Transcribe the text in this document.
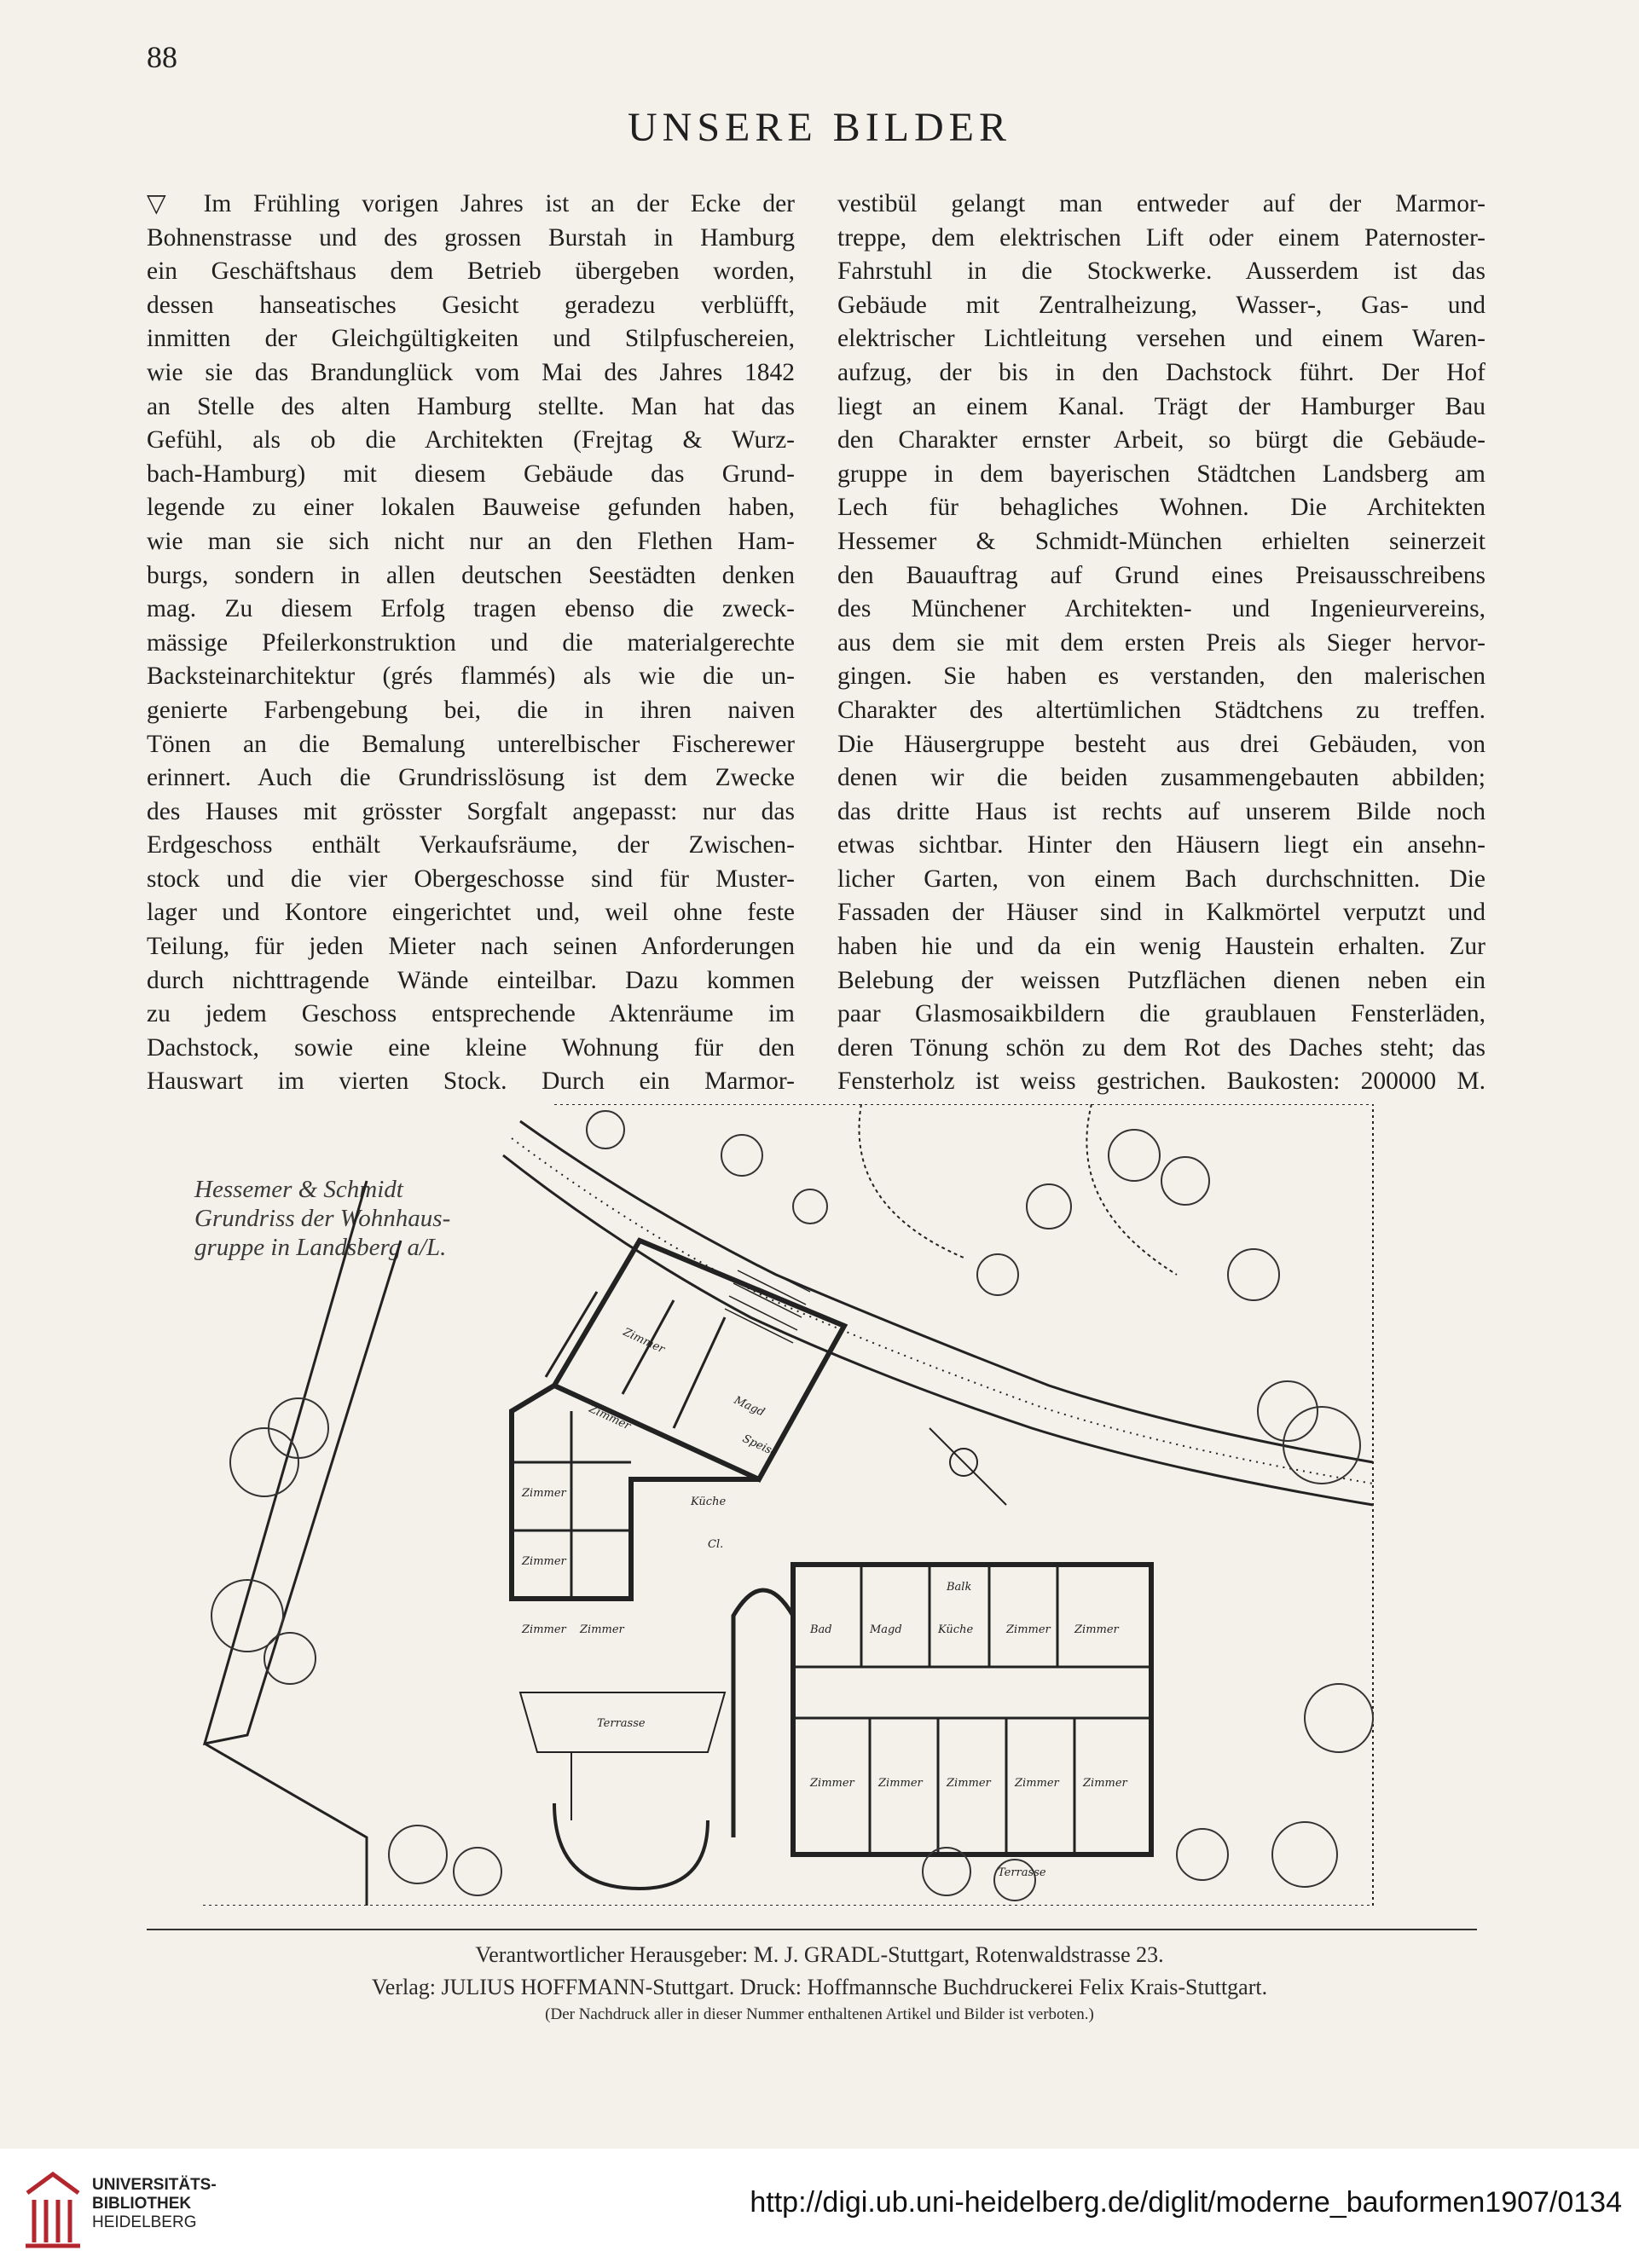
88
UNSERE BILDER
▽ Im Frühling vorigen Jahres ist an der Ecke der
Bohnenstrasse und des grossen Burstah in Hamburg
ein Geschäftshaus dem Betrieb übergeben worden,
dessen hanseatisches Gesicht geradezu verblüfft,
inmitten der Gleichgültigkeiten und Stilpfuschereien,
wie sie das Brandunglück vom Mai des Jahres 1842
an Stelle des alten Hamburg stellte. Man hat das
Gefühl, als ob die Architekten (Frejtag & Wurz-
bach-Hamburg) mit diesem Gebäude das Grund-
legende zu einer lokalen Bauweise gefunden haben,
wie man sie sich nicht nur an den Flethen Ham-
burgs, sondern in allen deutschen Seestädten denken
mag. Zu diesem Erfolg tragen ebenso die zweck-
mässige Pfeilerkonstruktion und die materialgerechte
Backsteinarchitektur (grés flammés) als wie die un-
genierte Farbengebung bei, die in ihren naiven
Tönen an die Bemalung unterelbischer Fischerewer
erinnert. Auch die Grundrisslösung ist dem Zwecke
des Hauses mit grösster Sorgfalt angepasst: nur das
Erdgeschoss enthält Verkaufsräume, der Zwischen-
stock und die vier Obergeschosse sind für Muster-
lager und Kontore eingerichtet und, weil ohne feste
Teilung, für jeden Mieter nach seinen Anforderungen
durch nichttragende Wände einteilbar. Dazu kommen
zu jedem Geschoss entsprechende Aktenräume im
Dachstock, sowie eine kleine Wohnung für den
Hauswart im vierten Stock. Durch ein Marmor-
vestibül gelangt man entweder auf der Marmor-
treppe, dem elektrischen Lift oder einem Paternoster-
Fahrstuhl in die Stockwerke. Ausserdem ist das
Gebäude mit Zentralheizung, Wasser-, Gas- und
elektrischer Lichtleitung versehen und einem Waren-
aufzug, der bis in den Dachstock führt. Der Hof
liegt an einem Kanal. Trägt der Hamburger Bau
den Charakter ernster Arbeit, so bürgt die Gebäude-
gruppe in dem bayerischen Städtchen Landsberg am
Lech für behagliches Wohnen. Die Architekten
Hessemer & Schmidt-München erhielten seinerzeit
den Bauauftrag auf Grund eines Preisausschreibens
des Münchener Architekten- und Ingenieurvereins,
aus dem sie mit dem ersten Preis als Sieger hervor-
gingen. Sie haben es verstanden, den malerischen
Charakter des altertümlichen Städtchens zu treffen.
Die Häusergruppe besteht aus drei Gebäuden, von
denen wir die beiden zusammengebauten abbilden;
das dritte Haus ist rechts auf unserem Bilde noch
etwas sichtbar. Hinter den Häusern liegt ein ansehn-
licher Garten, von einem Bach durchschnitten. Die
Fassaden der Häuser sind in Kalkmörtel verputzt und
haben hie und da ein wenig Haustein erhalten. Zur
Belebung der weissen Putzflächen dienen neben ein
paar Glasmosaikbildern die graublauen Fensterläden,
deren Tönung schön zu dem Rot des Daches steht; das
Fensterholz ist weiss gestrichen. Baukosten: 200000 M.
Hessemer & Schmidt
Grundriss der Wohnhaus-
gruppe in Landsberg a/L.
Zimmer
Zimmer
Zimmer
Zimmer
Zimmer Zimmer
Küche
Magd
Speise
Bad	Magd	Küche	Zimmer Zimmer
Balk
Zimmer Zimmer Zimmer Zimmer Zimmer
Terrasse
Terrasse
Cl.
Verantwortlicher Herausgeber: M. J. GRADL-Stuttgart, Rotenwaldstrasse 23.
Verlag: JULIUS HOFFMANN-Stuttgart. Druck: Hoffmannsche Buchdruckerei Felix Krais-Stuttgart.
(Der Nachdruck aller in dieser Nummer enthaltenen Artikel und Bilder ist verboten.)
UNIVERSITÄTS-
BIBLIOTHEK
HEIDELBERG
http://digi.ub.uni-heidelberg.de/diglit/moderne_bauformen1907/0134
